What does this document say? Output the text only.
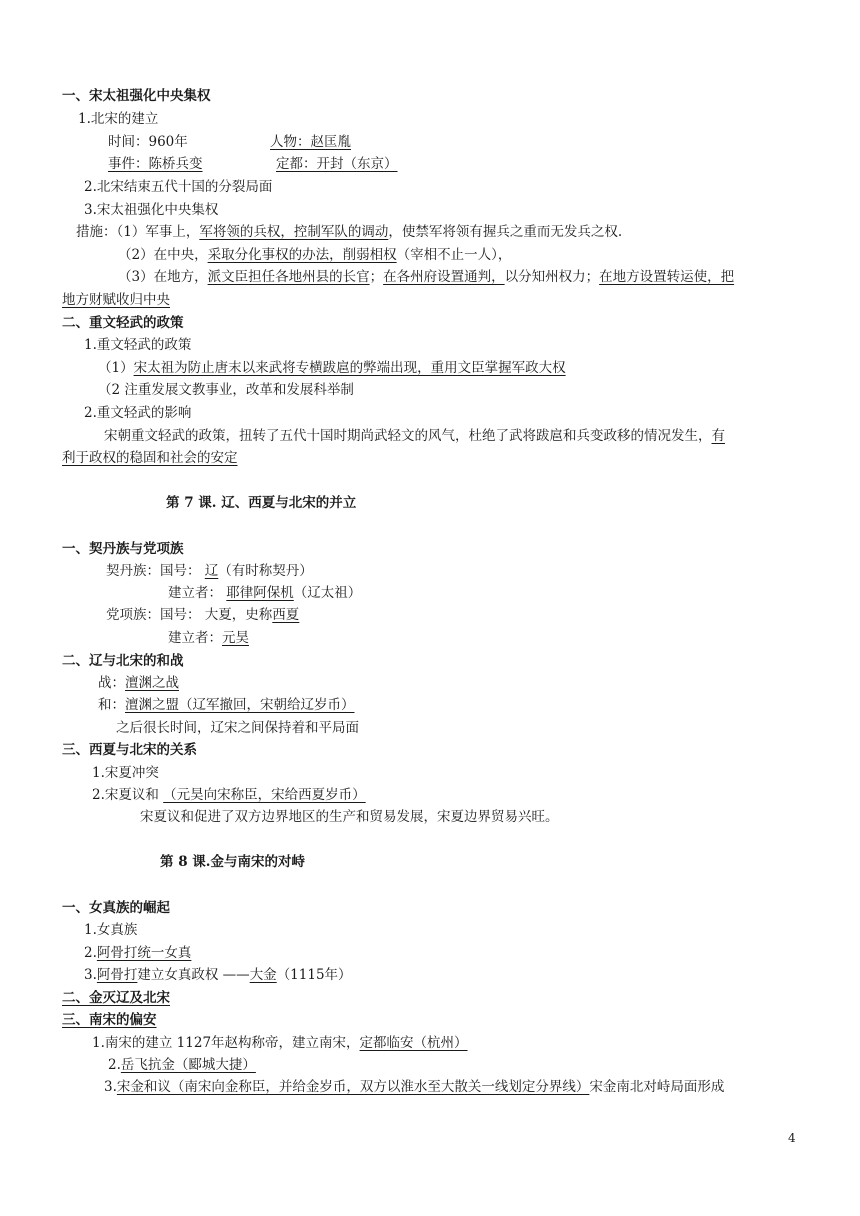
一、宋太祖强化中央集权
1.北宋的建立
时间：960年	人物：赵匡胤
事件：陈桥兵变	定都：开封（东京）
2.北宋结束五代十国的分裂局面
3.宋太祖强化中央集权
措施：（1）军事上，军将领的兵权，控制军队的调动，使禁军将领有握兵之重而无发兵之权.
（2）在中央，采取分化事权的办法，削弱相权（宰相不止一人），
（3）在地方，派文臣担任各地州县的长官；在各州府设置通判，以分知州权力；在地方设置转运使，把
地方财赋收归中央
二、重文轻武的政策
1.重文轻武的政策
（1）宋太祖为防止唐末以来武将专横跋扈的弊端出现，重用文臣掌握军政大权
（2 注重发展文教事业，改革和发展科举制
2.重文轻武的影响
宋朝重文轻武的政策，扭转了五代十国时期尚武轻文的风气，杜绝了武将跋扈和兵变政移的情况发生，有
利于政权的稳固和社会的安定
第 7 课. 辽、西夏与北宋的并立
一、契丹族与党项族
契丹族：国号： 辽（有时称契丹）
建立者： 耶律阿保机（辽太祖）
党项族：国号： 大夏，史称西夏
建立者：元昊
二、辽与北宋的和战
战：澶渊之战
和：澶渊之盟（辽军撤回，宋朝给辽岁币）
之后很长时间，辽宋之间保持着和平局面
三、西夏与北宋的关系
1.宋夏冲突
2.宋夏议和 （元昊向宋称臣，宋给西夏岁币）
宋夏议和促进了双方边界地区的生产和贸易发展，宋夏边界贸易兴旺。
第 8 课.金与南宋的对峙
一、女真族的崛起
1.女真族
2.阿骨打统一女真
3.阿骨打建立女真政权 ——大金（1115年）
二、金灭辽及北宋
三、南宋的偏安
1.南宋的建立 1127年赵构称帝，建立南宋，定都临安（杭州）
2.岳飞抗金（郾城大捷）
3.宋金和议（南宋向金称臣，并给金岁币，双方以淮水至大散关一线划定分界线）宋金南北对峙局面形成
4
